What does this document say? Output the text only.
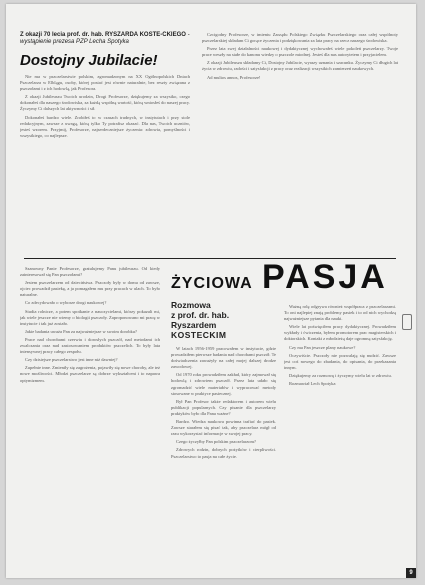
Z okazji 70 lecia prof. dr. hab. RYSZARDA KOSTE-CKIEGO - wystąpienie prezesa PZP Lecha Spotyka
Dostojny Jubilacie!

Nie ma w pszczelarstwie polskim, zgromadzonym na XX Ogólnopolskich Dniach Pszczelarza w Elblągu, osoby, której postać jest równie naturalnie, bez reszty związana z pszczołami i z ich hodowlą, jak Profesora.

Z okazji Jubileuszu Twoich urodzin, Drogi Profesorze, dziękujemy za wszystko, czego dokonałeś dla naszego środowiska, za każdą wspólną wartość, którą wniosłeś do naszej pracy. Życzymy Ci dalszych lat aktywności i sił.

Dokonałeś bardzo wiele. Zrobiłeś to w czasach trudnych, w instytutach i przy stole redakcyjnym, zawsze z uwagą, którą tylko Ty potrafisz okazać. Dla nas, Twoich uczniów, jesteś wzorem. Przyjmij, Profesorze, najserdeczniejsze życzenia: zdrowia, pomyślności i wszystkiego, co najlepsze.

Czcigodny Profesorze, w imieniu Zarządu Polskiego Związku Pszczelarskiego oraz całej wspólnoty pszczelarskiej składam Ci gorące życzenia i podziękowania za lata pracy na rzecz naszego środowiska.

Przez lata swej działalności naukowej i dydaktycznej wychowałeś wiele pokoleń pszczelarzy. Twoje prace weszły na stałe do kanonu wiedzy o pszczole miodnej. Jesteś dla nas autorytetem i przyjacielem.

Z okazji Jubileuszu składamy Ci, Dostojny Jubilacie, wyrazy uznania i szacunku. Życzymy Ci długich lat życia w zdrowiu, radości i satysfakcji z pracy oraz realizacji wszystkich zamierzeń naukowych.

Ad multos annos, Profesorze!

ŻYCIOWA PASJA
Rozmowa
z prof. dr. hab.
Ryszardem
KOSTECKIM

Szanowny Panie Profesorze, gratulujemy Panu jubileuszu. Od kiedy zainteresował się Pan pszczołami?

Jestem pszczelarzem od dzieciństwa. Pszczoły były w domu od zawsze, ojciec prowadził pasiekę, a ja pomagałem mu przy pracach w ulach. To było naturalne.

Co zdecydowało o wyborze drogi naukowej?

Studia rolnicze, a potem spotkanie z nauczycielami, którzy pokazali mi, jak wiele jeszcze nie wiemy o biologii pszczoły. Zaproponowano mi pracę w instytucie i tak już zostało.

Jakie badania uważa Pan za najważniejsze w swoim dorobku?

Prace nad chorobami czerwiu i dorosłych pszczół, nad metodami ich zwalczania oraz nad zastosowaniem produktów pszczelich. To były lata intensywnej pracy całego zespołu.

Czy dzisiejsze pszczelarstwo jest inne niż dawniej?

Zupełnie inne. Zmieniły się zagrożenia, pojawiły się nowe choroby, ale też nowe możliwości. Młodzi pszczelarze są dobrze wykształceni i to napawa optymizmem.

W latach 1956-1959 pracowałem w instytucie, gdzie prowadziłem pierwsze badania nad chorobami pszczół. Te doświadczenia zaważyły na całej mojej dalszej drodze zawodowej.

Od 1970 roku prowadziłem zakład, który zajmował się hodowlą i zdrowiem pszczół. Przez lata udało się zgromadzić wiele materiałów i wypracować metody stosowane w praktyce pasiecznej.

Był Pan Profesor także redaktorem i autorem wielu publikacji popularnych. Czy pisanie dla pszczelarzy praktyków było dla Pana ważne?

Bardzo. Wiedza naukowa powinna trafiać do pasiek. Zawsze starałem się pisać tak, aby pszczelarz mógł od razu wykorzystać informacje w swojej pracy.

Czego życzyłby Pan polskim pszczelarzom?

Zdrowych rodzin, dobrych pożytków i cierpliwości. Pszczelarstwo to pasja na całe życie.

Ważną rolę odgrywa również współpraca z pszczelarzami. To oni najlepiej znają problemy pasiek i to od nich wychodzą najważniejsze pytania dla nauki.

Wiele lat poświęciłem pracy dydaktycznej. Prowadziłem wykłady i ćwiczenia, byłem promotorem prac magisterskich i doktorskich. Kontakt z młodzieżą daje ogromną satysfakcję.

Czy ma Pan jeszcze plany naukowe?

Oczywiście. Pszczoły nie pozwalają się nudzić. Zawsze jest coś nowego do zbadania, do opisania, do przekazania innym.

Dziękujemy za rozmowę i życzymy wielu lat w zdrowiu.

Rozmawiał Lech Spotyka

9
